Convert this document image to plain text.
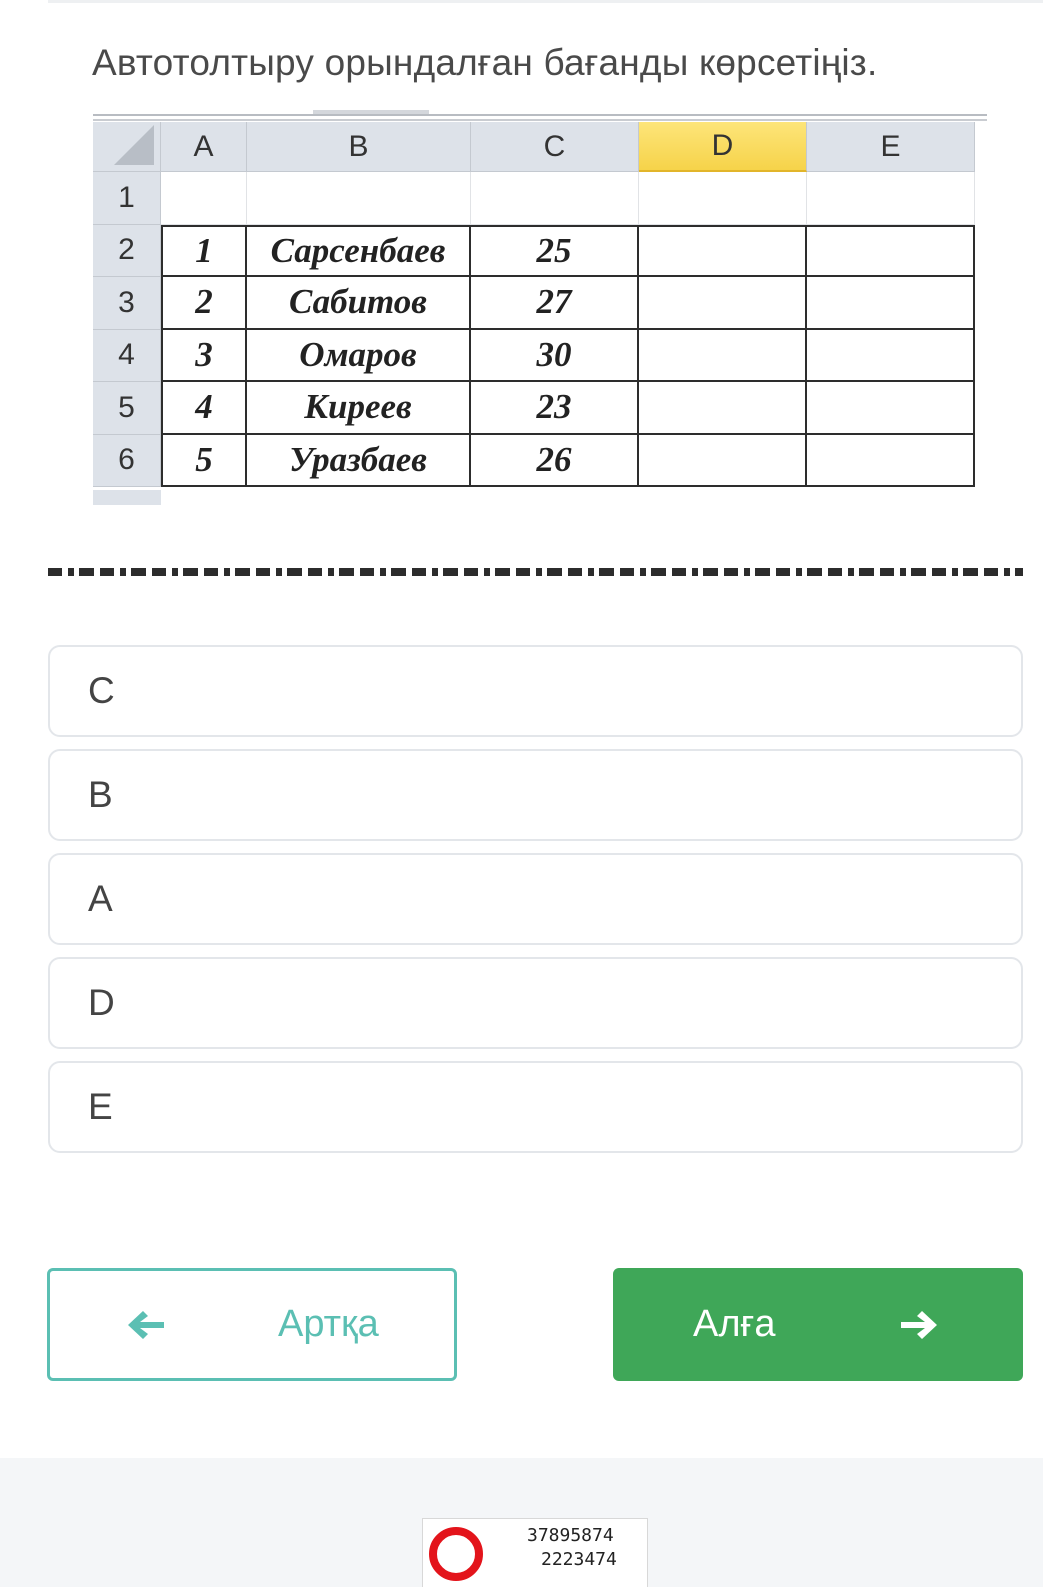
Автотолтыру орындалған бағанды көрсетіңіз.
A	B	C	D	E
1
2	1	Сарсенбаев	25
3	2	Сабитов	27
4	3	Омаров	30
5	4	Киреев	23
6	5	Уразбаев	26
C
B
A
D
E
Артқа	Алға
37895874
2223474
